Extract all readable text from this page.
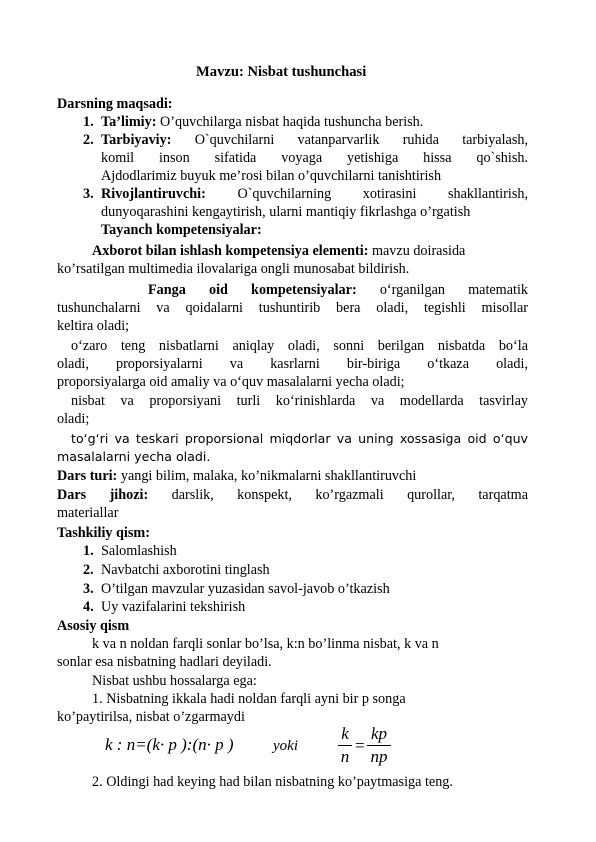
Mavzu: Nisbat tushunchasi
Darsning maqsadi:
1. Ta’limiy: O’quvchilarga nisbat haqida tushuncha berish.
2. Tarbiyaviy: O`quvchilarni vatanparvarlik ruhida tarbiyalash,
komil inson sifatida voyaga yetishiga hissa qo`shish.
Ajdodlarimiz buyuk me’rosi bilan o’quvchilarni tanishtirish
3. Rivojlantiruvchi: O`quvchilarning xotirasini shakllantirish,
dunyoqarashini kengaytirish, ularni mantiqiy fikrlashga o’rgatish
Tayanch kompetensiyalar:
Axborot bilan ishlash kompetensiya elementi: mavzu doirasida
ko’rsatilgan multimedia ilovalariga ongli munosabat bildirish.
Fanga oid kompetensiyalar: o‘rganilgan matematik
tushunchalarni va qoidalarni tushuntirib bera oladi, tegishli misollar
keltira oladi;
o‘zaro teng nisbatlarni aniqlay oladi, sonni berilgan nisbatda bo‘la
oladi, proporsiyalarni va kasrlarni bir-biriga o‘tkaza oladi,
proporsiyalarga oid amaliy va o‘quv masalalarni yecha oladi;
nisbat va proporsiyani turli ko‘rinishlarda va modellarda tasvirlay
oladi;
to‘g‘ri va teskari proporsional miqdorlar va uning xossasiga oid o‘quv
masalalarni yecha oladi.
Dars turi: yangi bilim, malaka, ko’nikmalarni shakllantiruvchi
Dars jihozi: darslik, konspekt, ko’rgazmali qurollar, tarqatma
materiallar
Tashkiliy qism:
1. Salomlashish
2. Navbatchi axborotini tinglash
3. O’tilgan mavzular yuzasidan savol-javob o’tkazish
4. Uy vazifalarini tekshirish
Asosiy qism
k va n noldan farqli sonlar bo’lsa, k:n bo’linma nisbat, k va n
sonlar esa nisbatning hadlari deyiladi.
Nisbat ushbu hossalarga ega:
1. Nisbatning ikkala hadi noldan farqli ayni bir p songa
ko’paytirilsa, nisbat o’zgarmaydi
k : n=(k· p ):(n· p )	yoki
k
n
=
kp
np
2. Oldingi had keying had bilan nisbatning ko’paytmasiga teng.
